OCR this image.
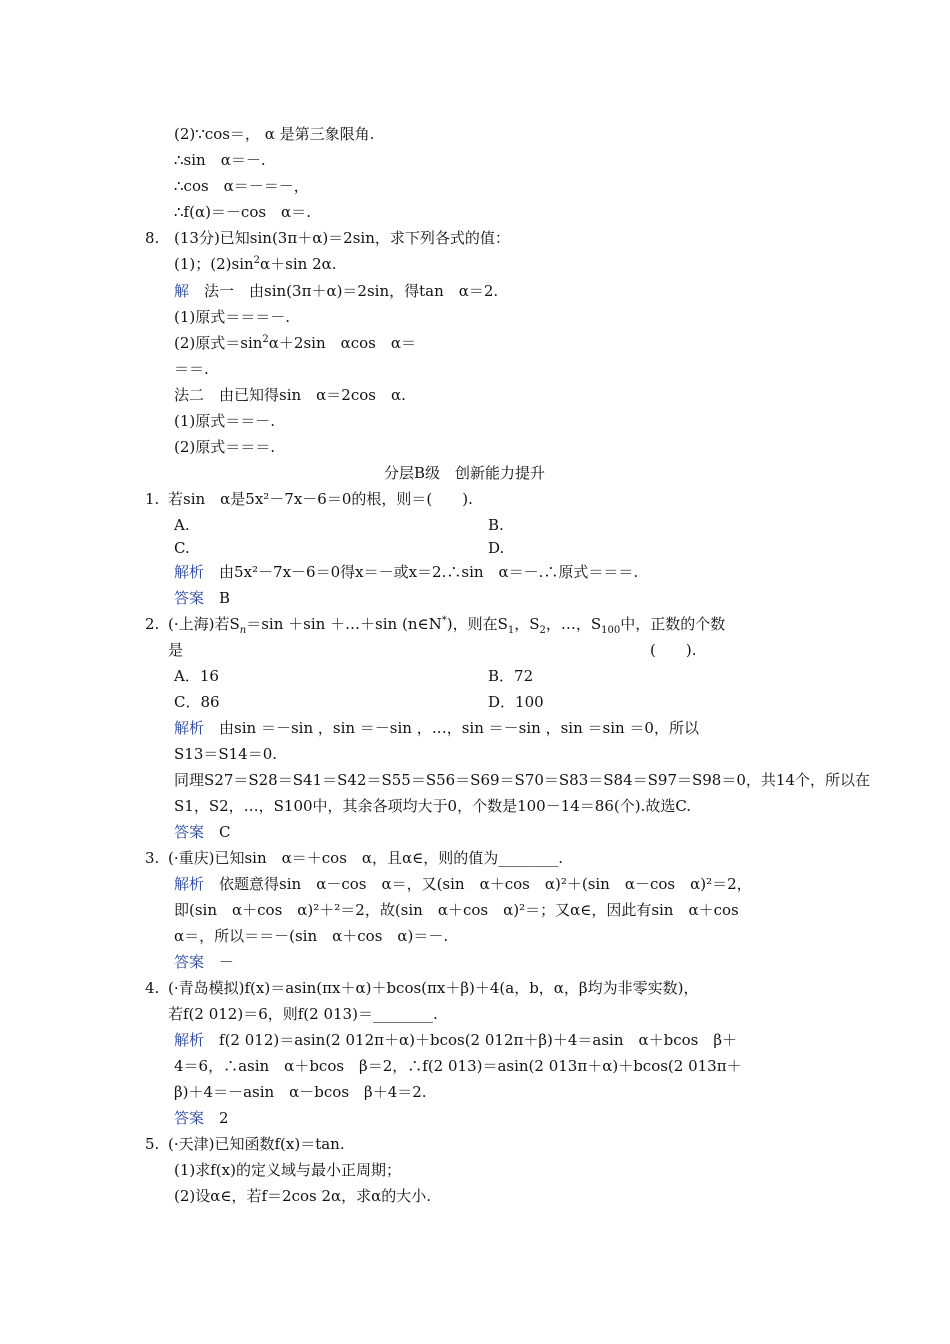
(2)∵cos＝， α 是第三象限角.
∴sin　α＝－.
∴cos　α＝－＝－，
∴f(α)＝－cos　α＝.
8. (13分)已知sin(3π＋α)＝2sin，求下列各式的值：
(1)；$(2)\sin^2\alpha+\sin$ 2α.
解　 法一　由sin(3π＋α)＝2sin，得tan　α＝2.
(1)原式＝＝＝－.
(2)原式$=\sin^2\alpha+2\sin$　αcos　α＝
＝＝.
法二　由已知得sin　α＝2cos　α.
(1)原式＝＝－.
(2)原式＝＝＝.
分层B级　创新能力提升
1. 若sin　α是5x²－7x－6＝0的根，则＝(　　).
A.	B.
C.	D.
解析　 由5x²－7x－6＝0得x＝－或x＝2.∴sin　α＝－.∴原式＝＝＝.
答案　 B
2. (·上海)若$S_n=\sin +\sin$ ＋…＋sin (n∈N*)，则在$S_1$，$S_2$，…，$S_{100}$中，正数的个数
是	(　　).
A．16	B．72
C．86	D．100
解析　 由sin ＝－sin ，sin ＝－sin ，…，sin ＝－sin ，sin ＝sin ＝0，所以
S13＝S14＝0.
同理S27＝S28＝S41＝S42＝S55＝S56＝S69＝S70＝S83＝S84＝S97＝S98＝0，共14个，所以在
S1，S2，…，S100中，其余各项均大于0，个数是100－14＝86(个).故选C.
答案　 C
3. (·重庆)已知sin　α＝＋cos　α，且α∈，则的值为________.
解析　 依题意得sin　α－cos　α＝，又(sin　α＋cos　α)²＋(sin　α－cos　α)²＝2，
即(sin　α＋cos　α)²＋²＝2，故(sin　α＋cos　α)²＝；又α∈，因此有sin　α＋cos
α＝，所以＝＝－(sin　α＋cos　α)＝－.
答案　 －
4. (·青岛模拟)f(x)＝asin(πx＋α)＋bcos(πx＋β)＋4(a，b，α，β均为非零实数)，
若f(2 012)＝6，则f(2 013)＝________.
解析　 f(2 012)＝asin(2 012π＋α)＋bcos(2 012π＋β)＋4＝asin　α＋bcos　β＋
4＝6，∴asin　α＋bcos　β＝2，∴f(2 013)＝asin(2 013π＋α)＋bcos(2 013π＋
β)＋4＝－asin　α－bcos　β＋4＝2.
答案　 2
5. (·天津)已知函数f(x)＝tan.
(1)求f(x)的定义域与最小正周期；
(2)设α∈，若f＝2cos 2α，求α的大小.
